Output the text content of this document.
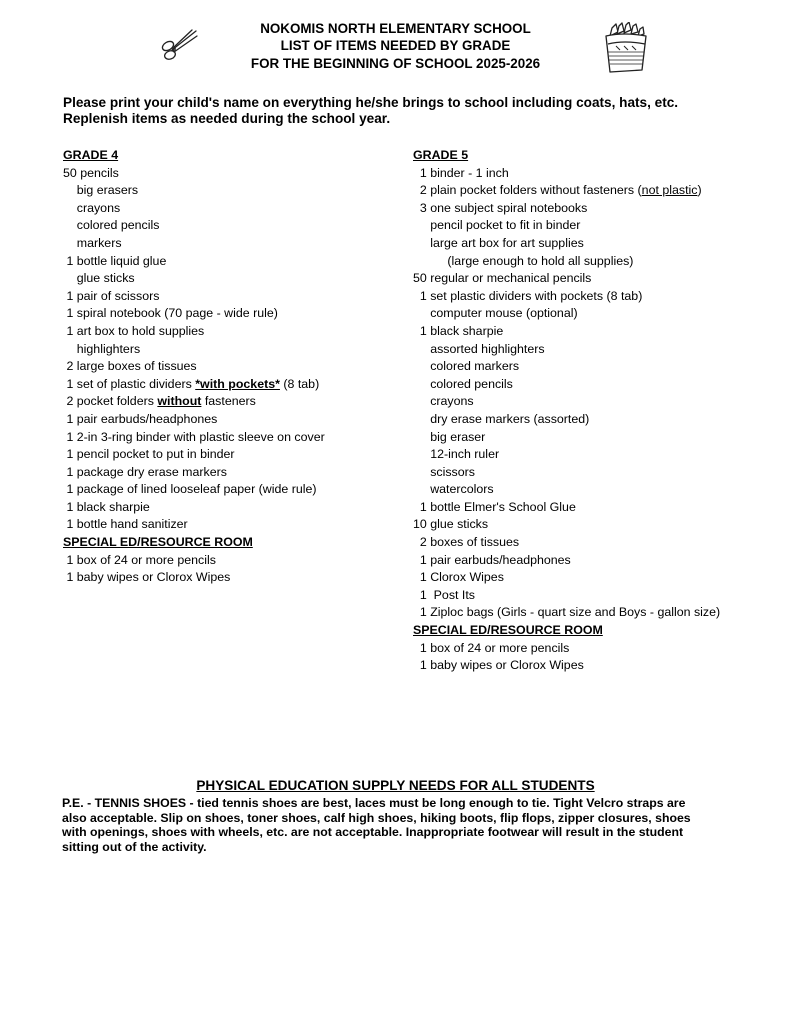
NOKOMIS NORTH ELEMENTARY SCHOOL
LIST OF ITEMS NEEDED BY GRADE
FOR THE BEGINNING OF SCHOOL 2025-2026
Please print your child's name on everything he/she brings to school including coats, hats, etc.
Replenish items as needed during the school year.
GRADE 4
50 pencils
big erasers
crayons
colored pencils
markers
1 bottle liquid glue
glue sticks
1 pair of scissors
1 spiral notebook (70 page - wide rule)
1 art box to hold supplies
highlighters
2 large boxes of tissues
1 set of plastic dividers *with pockets* (8 tab)
2 pocket folders without fasteners
1 pair earbuds/headphones
1 2-in 3-ring binder with plastic sleeve on cover
1 pencil pocket to put in binder
1 package dry erase markers
1 package of lined looseleaf paper (wide rule)
1 black sharpie
1 bottle hand sanitizer
SPECIAL ED/RESOURCE ROOM
1 box of 24 or more pencils
1 baby wipes or Clorox Wipes
GRADE 5
1 binder - 1 inch
2 plain pocket folders without fasteners (not plastic)
3 one subject spiral notebooks
pencil pocket to fit in binder
large art box for art supplies
(large enough to hold all supplies)
50 regular or mechanical pencils
1 set plastic dividers with pockets (8 tab)
computer mouse (optional)
1 black sharpie
assorted highlighters
colored markers
colored pencils
crayons
dry erase markers (assorted)
big eraser
12-inch ruler
scissors
watercolors
1 bottle Elmer's School Glue
10 glue sticks
2 boxes of tissues
1 pair earbuds/headphones
1 Clorox Wipes
1  Post Its
1 Ziploc bags (Girls - quart size and Boys - gallon size)
SPECIAL ED/RESOURCE ROOM
1 box of 24 or more pencils
1 baby wipes or Clorox Wipes
PHYSICAL EDUCATION SUPPLY NEEDS FOR ALL STUDENTS
P.E. - TENNIS SHOES - tied tennis shoes are best, laces must be long enough to tie. Tight Velcro straps are
also acceptable. Slip on shoes, toner shoes, calf high shoes, hiking boots, flip flops, zipper closures, shoes
with openings, shoes with wheels, etc. are not acceptable. Inappropriate footwear will result in the student
sitting out of the activity.
